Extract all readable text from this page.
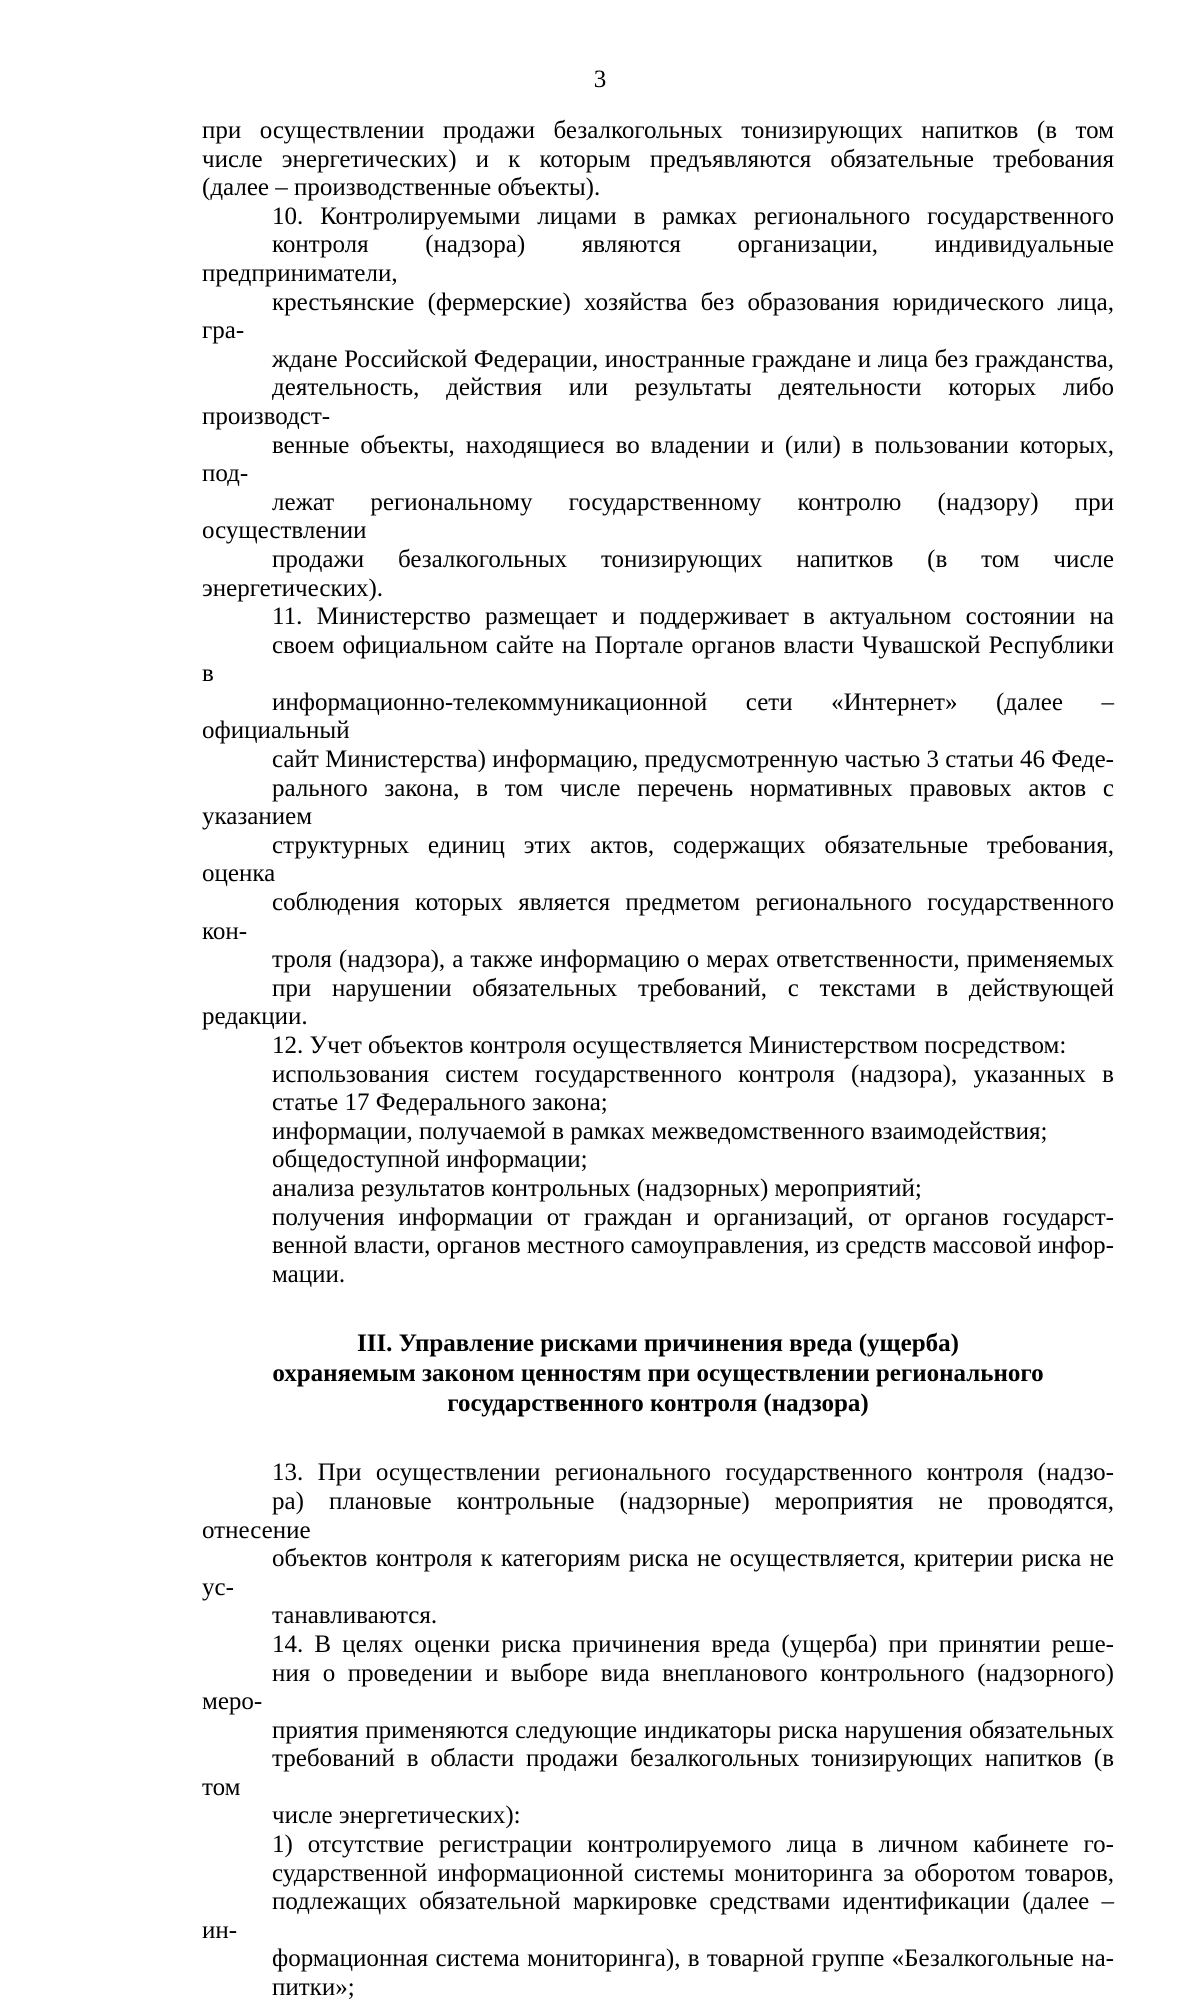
3
при осуществлении продажи безалкогольных тонизирующих напитков (в том
числе энергетических) и к которым предъявляются обязательные требования
(далее – производственные объекты).
10. Контролируемыми лицами в рамках регионального государственного
контроля (надзора) являются организации, индивидуальные предприниматели,
крестьянские (фермерские) хозяйства без образования юридического лица, гра-
ждане Российской Федерации, иностранные граждане и лица без гражданства,
деятельность, действия или результаты деятельности которых либо производст-
венные объекты, находящиеся во владении и (или) в пользовании которых, под-
лежат региональному государственному контролю (надзору) при осуществлении
продажи безалкогольных тонизирующих напитков (в том числе энергетических).
11. Министерство размещает и поддерживает в актуальном состоянии на
своем официальном сайте на Портале органов власти Чувашской Республики в
информационно-телекоммуникационной сети «Интернет» (далее – официальный
сайт Министерства) информацию, предусмотренную частью 3 статьи 46 Феде-
рального закона, в том числе перечень нормативных правовых актов с указанием
структурных единиц этих актов, содержащих обязательные требования, оценка
соблюдения которых является предметом регионального государственного кон-
троля (надзора), а также информацию о мерах ответственности, применяемых
при нарушении обязательных требований, с текстами в действующей редакции.
12. Учет объектов контроля осуществляется Министерством посредством:
использования систем государственного контроля (надзора), указанных в
статье 17 Федерального закона;
информации, получаемой в рамках межведомственного взаимодействия;
общедоступной информации;
анализа результатов контрольных (надзорных) мероприятий;
получения информации от граждан и организаций, от органов государст-
венной власти, органов местного самоуправления, из средств массовой инфор-
мации.

III. Управление рисками причинения вреда (ущерба)

охраняемым законом ценностям при осуществлении регионального

государственного контроля (надзора)

13. При осуществлении регионального государственного контроля (надзо-
ра) плановые контрольные (надзорные) мероприятия не проводятся, отнесение
объектов контроля к категориям риска не осуществляется, критерии риска не ус-
танавливаются.
14. В целях оценки риска причинения вреда (ущерба) при принятии реше-
ния о проведении и выборе вида внепланового контрольного (надзорного) меро-
приятия применяются следующие индикаторы риска нарушения обязательных
требований в области продажи безалкогольных тонизирующих напитков (в том
числе энергетических):
1) отсутствие регистрации контролируемого лица в личном кабинете го-
сударственной информационной системы мониторинга за оборотом товаров,
подлежащих обязательной маркировке средствами идентификации (далее – ин-
формационная система мониторинга), в товарной группе «Безалкогольные на-
питки»;
